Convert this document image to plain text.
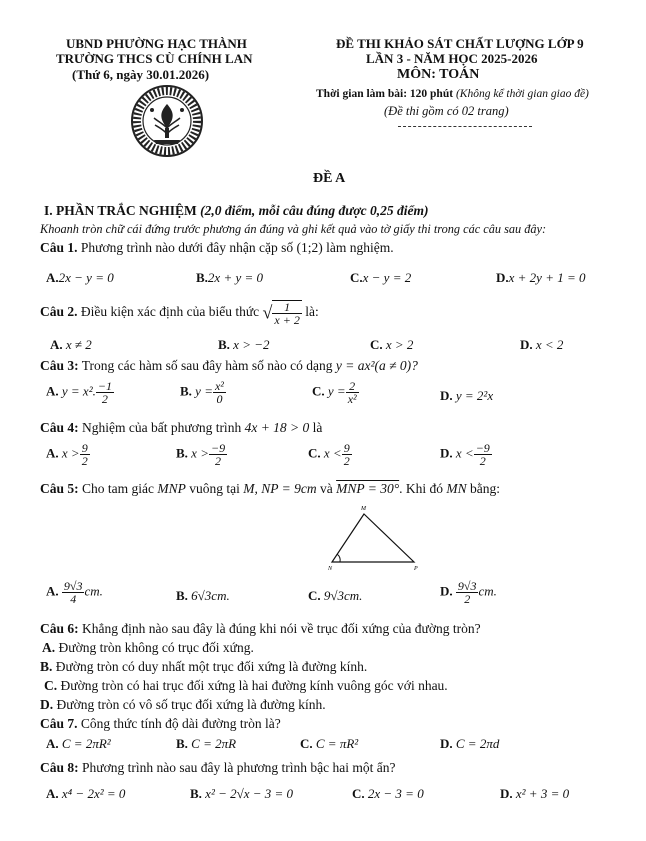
UBND PHƯỜNG HẠC THÀNH
TRƯỜNG THCS CÙ CHÍNH LAN
(Thứ 6, ngày 30.01.2026)
ĐỀ THI KHẢO SÁT CHẤT LƯỢNG LỚP 9
LẦN 3 - NĂM HỌC 2025-2026
MÔN: TOÁN
Thời gian làm bài: 120 phút (Không kể thời gian giao đề)
(Đề thi gồm có 02 trang)
ĐỀ A
I. PHẦN TRẮC NGHIỆM (2,0 điểm, mỗi câu đúng được 0,25 điểm)
Khoanh tròn chữ cái đứng trước phương án đúng và ghi kết quả vào tờ giấy thi trong các câu sau đây:
Câu 1. Phương trình nào dưới đây nhận cặp số (1;2) làm nghiệm.
A.2x − y = 0	B.2x + y = 0	C.x − y = 2	D.x + 2y + 1 = 0
Câu 2. Điều kiện xác định của biểu thức √ $\frac{1}{x + 2}$ là:
A. x ≠ 2	B. x > −2	C. x > 2	D. x < 2
Câu 3: Trong các hàm số sau đây hàm số nào có dạng y = ax²(a ≠ 0)?
A. y = x². $\frac{-1}{2}$	B. $y = \frac{\text{x²}}{0}$	C. $y = \frac{2}{\text{x²}}$	D. y = 2²x
Câu 4: Nghiệm của bất phương trình 4x + 18 > 0 là
A. $x > \frac{9}{2}$	B. $x > \frac{-9}{2}$	C. $x < \frac{9}{2}$	D. $x < \frac{-9}{2}$
Câu 5: Cho tam giác MNP vuông tại M, NP = 9cm và MNP = 30°. Khi đó MN bằng:
M
N	P
A. $\frac{9√3}{4}$ cm.	B. 6√3cm.	C. 9√3cm.	D. $\frac{9√3}{2}$ cm.
Câu 6: Khẳng định nào sau đây là đúng khi nói về trục đối xứng của đường tròn?
A. Đường tròn không có trục đối xứng.
B. Đường tròn có duy nhất một trục đối xứng là đường kính.
C. Đường tròn có hai trục đối xứng là hai đường kính vuông góc với nhau.
D. Đường tròn có vô số trục đối xứng là đường kính.
Câu 7. Công thức tính độ dài đường tròn là?
A. C = 2πR²	B. C = 2πR	C. C = πR²	D. C = 2πd
Câu 8: Phương trình nào sau đây là phương trình bậc hai một ẩn?
A. x⁴ − 2x² = 0	B. x² − 2√x − 3 = 0	C. 2x − 3 = 0	D. x² + 3 = 0
